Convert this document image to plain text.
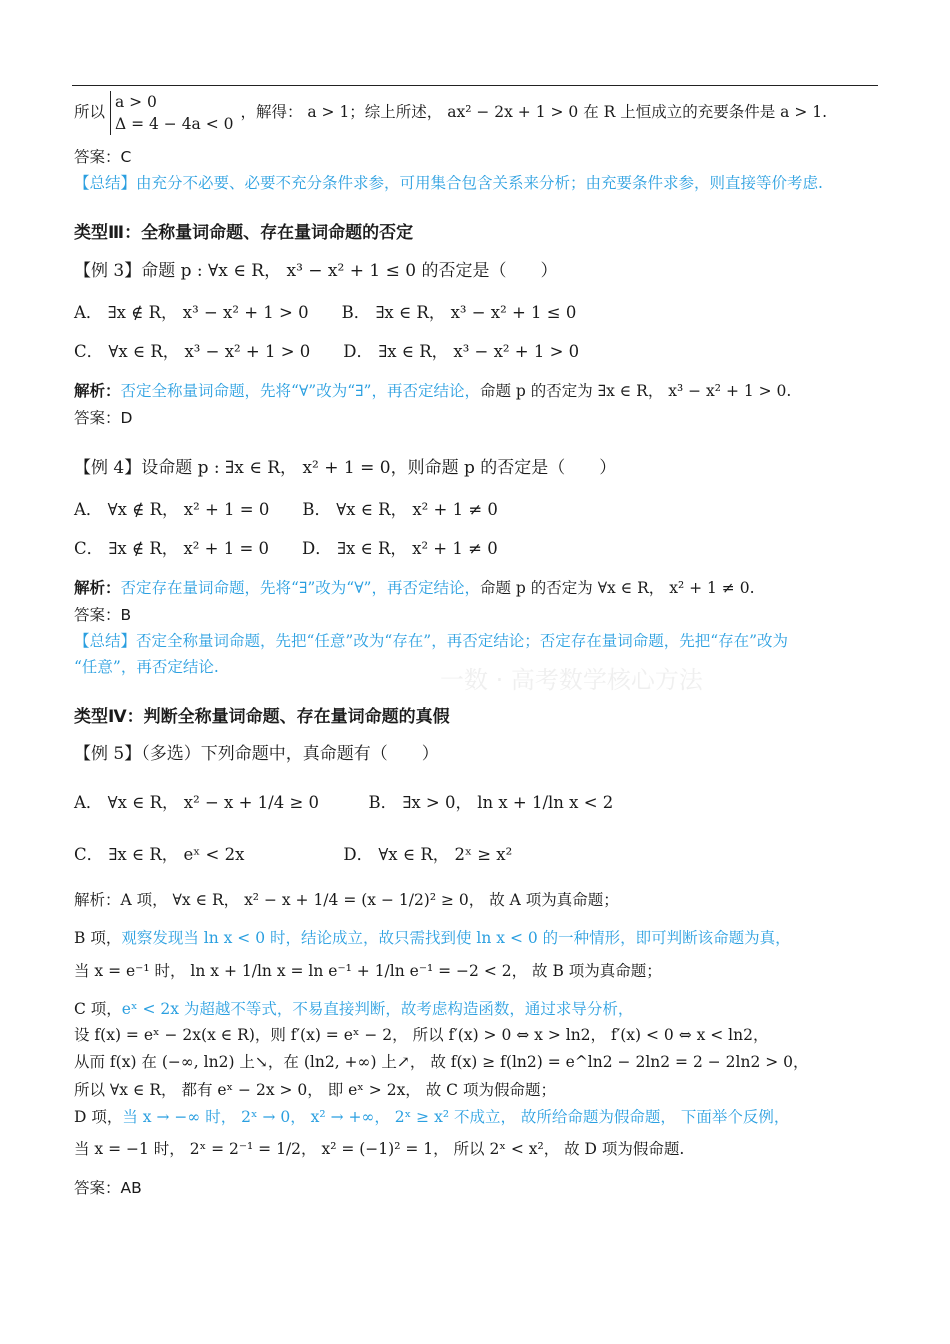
所以
a > 0
Δ = 4 − 4a < 0
，解得： a > 1；综上所述， ax² − 2x + 1 > 0 在 R 上恒成立的充要条件是 a > 1.
答案：C
【总结】由充分不必要、必要不充分条件求参，可用集合包含关系来分析；由充要条件求参，则直接等价考虑.
类型Ⅲ：全称量词命题、存在量词命题的否定
【例 3】命题 p : ∀x ∈ R， x³ − x² + 1 ≤ 0 的否定是（　　）
A． ∃x ∉ R， x³ − x² + 1 > 0　　B． ∃x ∈ R， x³ − x² + 1 ≤ 0
C． ∀x ∈ R， x³ − x² + 1 > 0　　D． ∃x ∈ R， x³ − x² + 1 > 0
解析：否定全称量词命题，先将“∀”改为“∃”，再否定结论，命题 p 的否定为 ∃x ∈ R， x³ − x² + 1 > 0.
答案：D
【例 4】设命题 p : ∃x ∈ R， x² + 1 = 0，则命题 p 的否定是（　　）
A． ∀x ∉ R， x² + 1 = 0　　B． ∀x ∈ R， x² + 1 ≠ 0
C． ∃x ∉ R， x² + 1 = 0　　D． ∃x ∈ R， x² + 1 ≠ 0
解析：否定存在量词命题，先将“∃”改为“∀”，再否定结论，命题 p 的否定为 ∀x ∈ R， x² + 1 ≠ 0.
答案：B
【总结】否定全称量词命题，先把“任意”改为“存在”，再否定结论；否定存在量词命题，先把“存在”改为
“任意”，再否定结论.	一数 · 高考数学核心方法
类型Ⅳ：判断全称量词命题、存在量词命题的真假
【例 5】（多选）下列命题中，真命题有（　　）
A． ∀x ∈ R， x² − x + 1/4 ≥ 0　　　B． ∃x > 0， ln x + 1/ln x < 2
C． ∃x ∈ R， eˣ < 2x　　　　　　D． ∀x ∈ R， 2ˣ ≥ x²
解析：A 项， ∀x ∈ R， x² − x + 1/4 = (x − 1/2)² ≥ 0， 故 A 项为真命题；
B 项，观察发现当 ln x < 0 时，结论成立，故只需找到使 ln x < 0 的一种情形，即可判断该命题为真，
当 x = e⁻¹ 时， ln x + 1/ln x = ln e⁻¹ + 1/ln e⁻¹ = −2 < 2， 故 B 项为真命题；
C 项，eˣ < 2x 为超越不等式，不易直接判断，故考虑构造函数，通过求导分析，
设 f(x) = eˣ − 2x(x ∈ R)，则 f′(x) = eˣ − 2， 所以 f′(x) > 0 ⇔ x > ln2， f′(x) < 0 ⇔ x < ln2，
从而 f(x) 在 (−∞, ln2) 上↘，在 (ln2, +∞) 上↗， 故 f(x) ≥ f(ln2) = e^ln2 − 2ln2 = 2 − 2ln2 > 0，
所以 ∀x ∈ R， 都有 eˣ − 2x > 0， 即 eˣ > 2x， 故 C 项为假命题；
D 项，当 x → −∞ 时， 2ˣ → 0， x² → +∞， 2ˣ ≥ x² 不成立， 故所给命题为假命题， 下面举个反例，
当 x = −1 时， 2ˣ = 2⁻¹ = 1/2， x² = (−1)² = 1， 所以 2ˣ < x²， 故 D 项为假命题.
答案：AB
